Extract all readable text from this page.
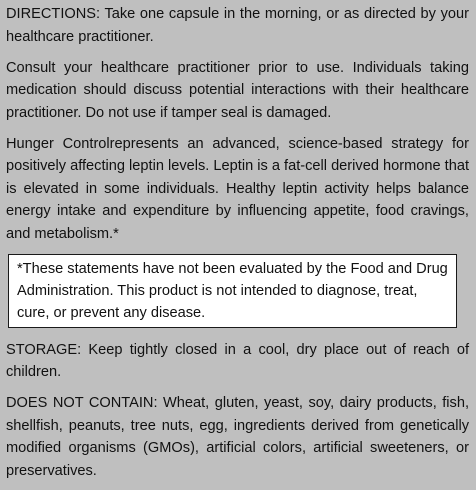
DIRECTIONS: Take one capsule in the morning, or as directed by your healthcare practitioner.

Consult your healthcare practitioner prior to use. Individuals taking medication should discuss potential interactions with their healthcare practitioner. Do not use if tamper seal is damaged.

Hunger Controlrepresents an advanced, science-based strategy for positively affecting leptin levels. Leptin is a fat-cell derived hormone that is elevated in some individuals. Healthy leptin activity helps balance energy intake and expenditure by influencing appetite, food cravings, and metabolism.*

*These statements have not been evaluated by the Food and Drug Administration. This product is not intended to diagnose, treat, cure, or prevent any disease.

STORAGE: Keep tightly closed in a cool, dry place out of reach of children.

DOES NOT CONTAIN: Wheat, gluten, yeast, soy, dairy products, fish, shellfish, peanuts, tree nuts, egg, ingredients derived from genetically modified organisms (GMOs), artificial colors, artificial sweeteners, or preservatives.
